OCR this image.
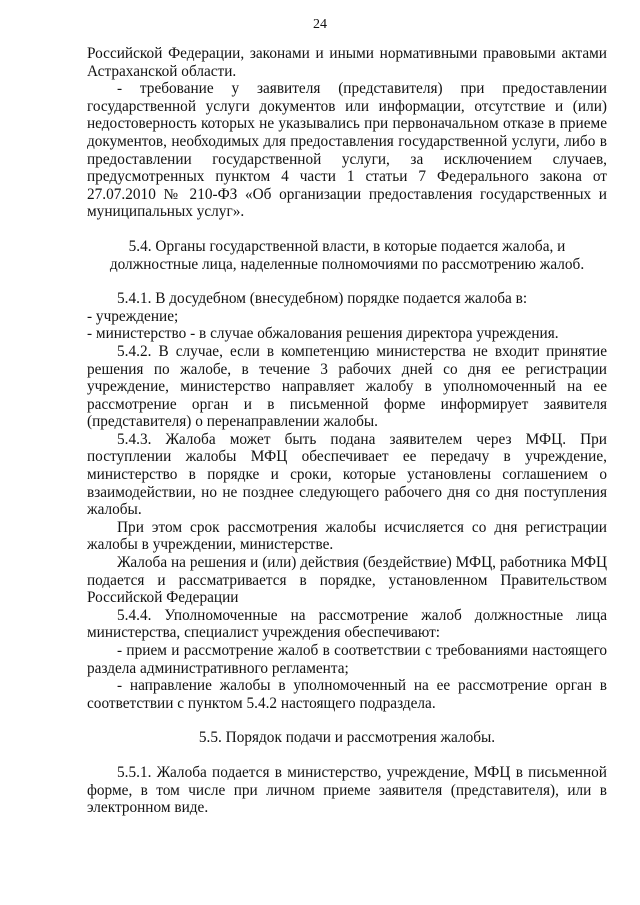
24

Российской Федерации, законами и иными нормативными правовыми актами Астраханской области.

- требование у заявителя (представителя) при предоставлении государственной услуги документов или информации, отсутствие и (или) недостоверность которых не указывались при первоначальном отказе в приеме документов, необходимых для предоставления государственной услуги, либо в предоставлении государственной услуги, за исключением случаев, предусмотренных пунктом 4 части 1 статьи 7 Федерального закона от 27.07.2010 № 210-ФЗ «Об организации предоставления государственных и муниципальных услуг».

5.4. Органы государственной власти, в которые подается жалоба, и

должностные лица, наделенные полномочиями по рассмотрению жалоб.

5.4.1. В досудебном (внесудебном) порядке подается жалоба в:

- учреждение;

- министерство - в случае обжалования решения директора учреждения.

5.4.2. В случае, если в компетенцию министерства не входит принятие решения по жалобе, в течение 3 рабочих дней со дня ее регистрации учреждение, министерство направляет жалобу в уполномоченный на ее рассмотрение орган и в письменной форме информирует заявителя (представителя) о перенаправлении жалобы.

5.4.3. Жалоба может быть подана заявителем через МФЦ. При поступлении жалобы МФЦ обеспечивает ее передачу в учреждение, министерство в порядке и сроки, которые установлены соглашением о взаимодействии, но не позднее следующего рабочего дня со дня поступления жалобы.

При этом срок рассмотрения жалобы исчисляется со дня регистрации жалобы в учреждении, министерстве.

Жалоба на решения и (или) действия (бездействие) МФЦ, работника МФЦ подается и рассматривается в порядке, установленном Правительством Российской Федерации

5.4.4. Уполномоченные на рассмотрение жалоб должностные лица министерства, специалист учреждения обеспечивают:

- прием и рассмотрение жалоб в соответствии с требованиями настоящего раздела административного регламента;

- направление жалобы в уполномоченный на ее рассмотрение орган в соответствии с пунктом 5.4.2 настоящего подраздела.

5.5. Порядок подачи и рассмотрения жалобы.

5.5.1. Жалоба подается в министерство, учреждение, МФЦ в письменной форме, в том числе при личном приеме заявителя (представителя), или в электронном виде.
